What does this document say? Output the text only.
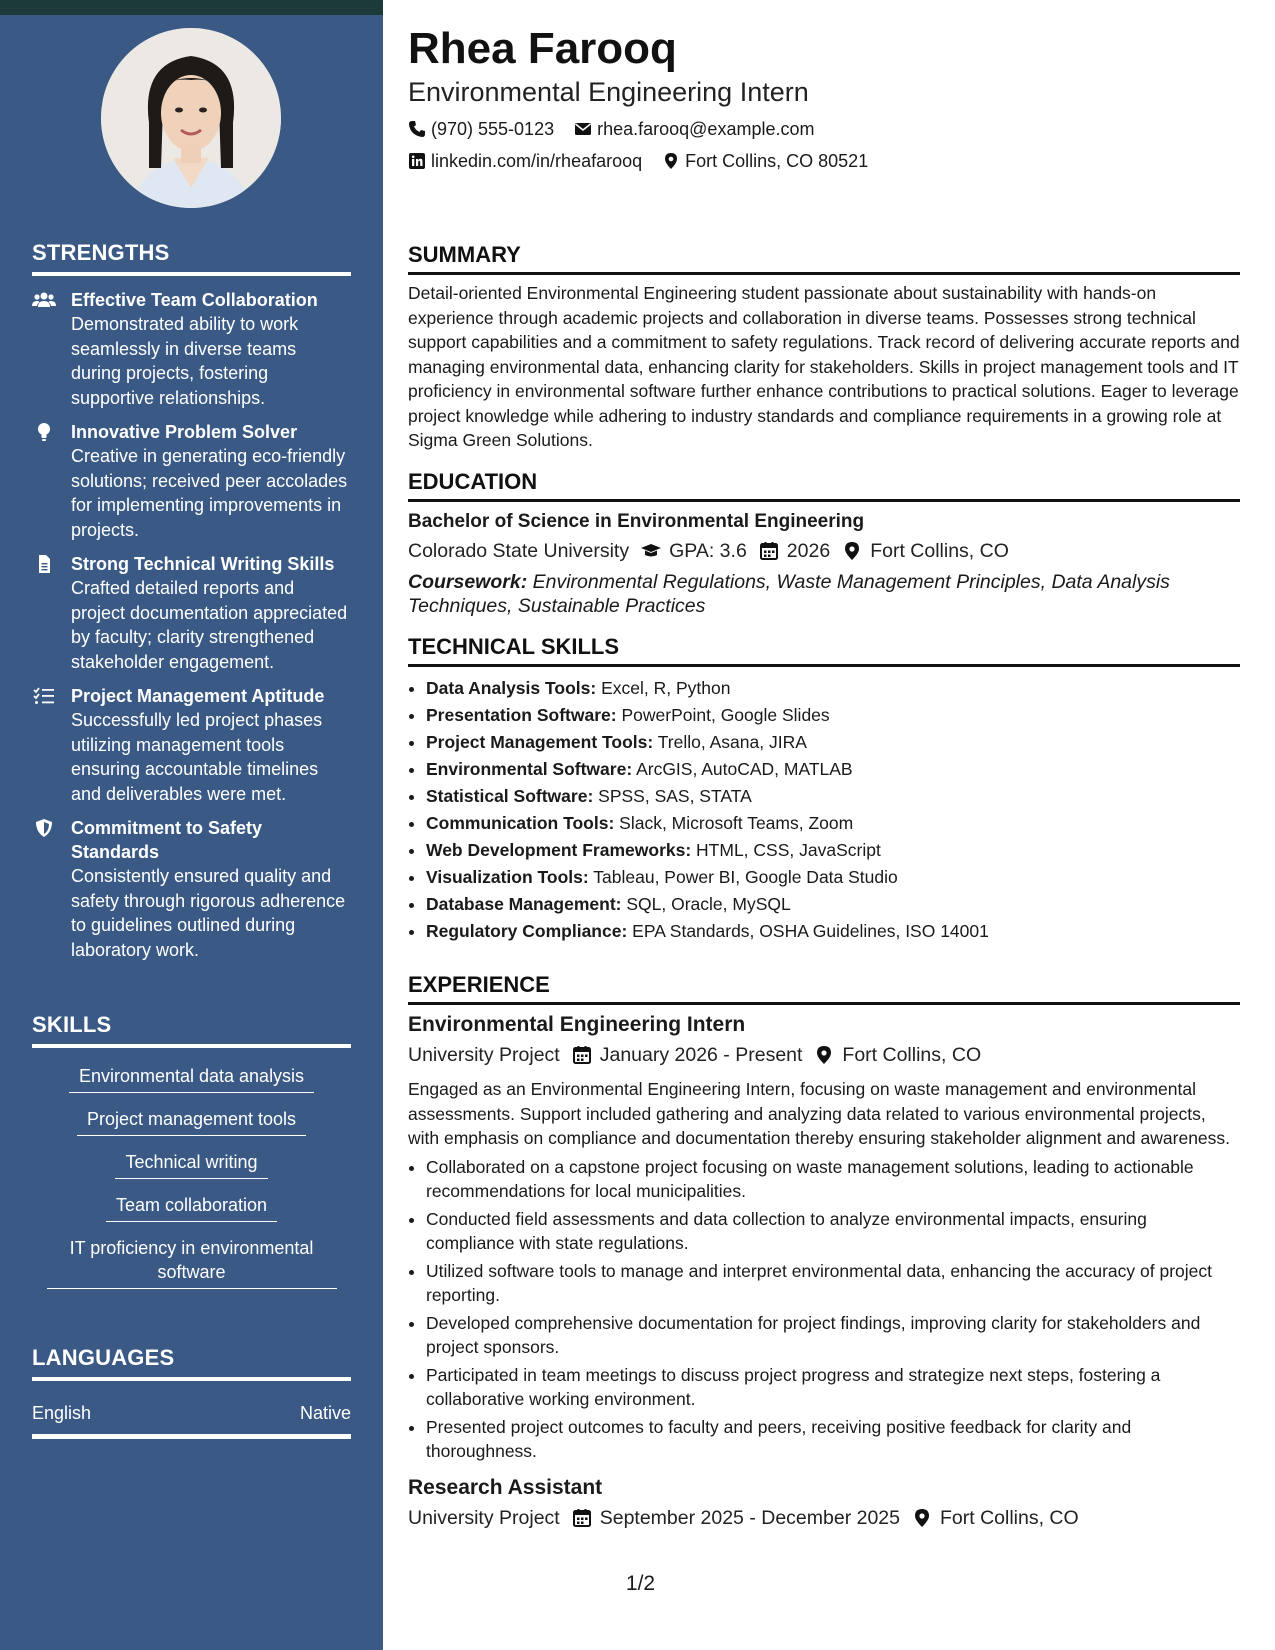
STRENGTHS
Effective Team Collaboration
Demonstrated ability to work seamlessly in diverse teams during projects, fostering supportive relationships.
Innovative Problem Solver
Creative in generating eco-friendly solutions; received peer accolades for implementing improvements in projects.
Strong Technical Writing Skills
Crafted detailed reports and project documentation appreciated by faculty; clarity strengthened stakeholder engagement.
Project Management Aptitude
Successfully led project phases utilizing management tools ensuring accountable timelines and deliverables were met.
Commitment to Safety Standards
Consistently ensured quality and safety through rigorous adherence to guidelines outlined during laboratory work.
SKILLS
Environmental data analysis
Project management tools
Technical writing
Team collaboration
IT proficiency in environmental software
LANGUAGES
English	Native
Rhea Farooq
Environmental Engineering Intern
(970) 555-0123 rhea.farooq@example.com
linkedin.com/in/rheafarooq Fort Collins, CO 80521
SUMMARY
Detail-oriented Environmental Engineering student passionate about sustainability with hands-on experience through academic projects and collaboration in diverse teams. Possesses strong technical support capabilities and a commitment to safety regulations. Track record of delivering accurate reports and managing environmental data, enhancing clarity for stakeholders. Skills in project management tools and IT proficiency in environmental software further enhance contributions to practical solutions. Eager to leverage project knowledge while adhering to industry standards and compliance requirements in a growing role at Sigma Green Solutions.
EDUCATION
Bachelor of Science in Environmental Engineering
Colorado State University GPA: 3.6 2026 Fort Collins, CO
Coursework: Environmental Regulations, Waste Management Principles, Data Analysis Techniques, Sustainable Practices
TECHNICAL SKILLS
• Data Analysis Tools: Excel, R, Python
• Presentation Software: PowerPoint, Google Slides
• Project Management Tools: Trello, Asana, JIRA
• Environmental Software: ArcGIS, AutoCAD, MATLAB
• Statistical Software: SPSS, SAS, STATA
• Communication Tools: Slack, Microsoft Teams, Zoom
• Web Development Frameworks: HTML, CSS, JavaScript
• Visualization Tools: Tableau, Power BI, Google Data Studio
• Database Management: SQL, Oracle, MySQL
• Regulatory Compliance: EPA Standards, OSHA Guidelines, ISO 14001
EXPERIENCE
Environmental Engineering Intern
University Project January 2026 - Present Fort Collins, CO
Engaged as an Environmental Engineering Intern, focusing on waste management and environmental assessments. Support included gathering and analyzing data related to various environmental projects, with emphasis on compliance and documentation thereby ensuring stakeholder alignment and awareness.
• Collaborated on a capstone project focusing on waste management solutions, leading to actionable recommendations for local municipalities.
• Conducted field assessments and data collection to analyze environmental impacts, ensuring compliance with state regulations.
• Utilized software tools to manage and interpret environmental data, enhancing the accuracy of project reporting.
• Developed comprehensive documentation for project findings, improving clarity for stakeholders and project sponsors.
• Participated in team meetings to discuss project progress and strategize next steps, fostering a collaborative working environment.
• Presented project outcomes to faculty and peers, receiving positive feedback for clarity and thoroughness.
Research Assistant
University Project September 2025 - December 2025 Fort Collins, CO
1/2
